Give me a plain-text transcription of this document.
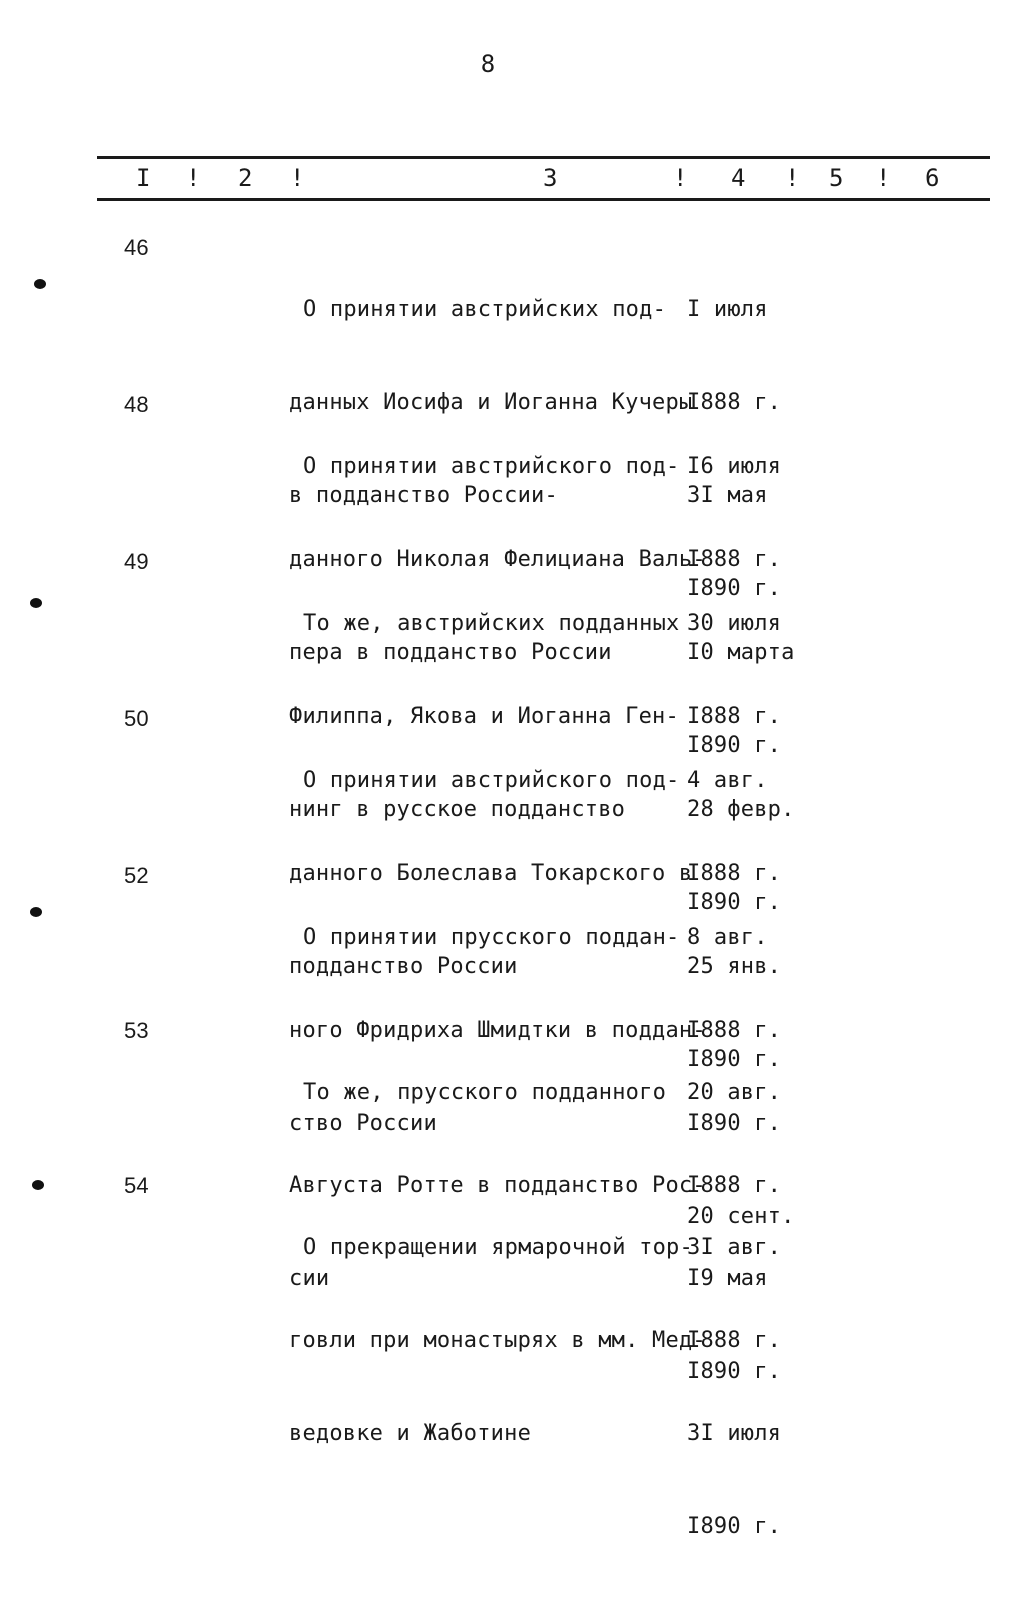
8
I ! 2 !	3	! 4 ! 5 ! 6
46

О принятии австрийских под-

данных Иосифа и Иоганна Кучеры

в подданство России-

I июля

I888 г.

3I мая

I890 г.

48

О принятии австрийского под-

данного Николая Фелициана Валь-

пера в подданство России

I6 июля

I888 г.

I0 марта

I890 г.

49

То же, австрийских подданных

Филиппа, Якова и Иоганна Ген-

нинг в русское подданство

30 июля

I888 г.

28 февр.

I890 г.

50

О принятии австрийского под-

данного Болеслава Токарского в

подданство России

4 авг.

I888 г.

25 янв.

I890 г.

52

О принятии прусского поддан-

ного Фридриха Шмидтки в поддан-

ство России

8 авг.

I888 г.

I890 г.

20 сент.

53

То же, прусского подданного

Августа Ротте в подданство Рос-

сии

20 авг.

I888 г.

I9 мая

I890 г.

54

О прекращении ярмарочной тор-

говли при монастырях в мм. Мед-

ведовке и Жаботине

3I авг.

I888 г.

3I июля

I890 г.
